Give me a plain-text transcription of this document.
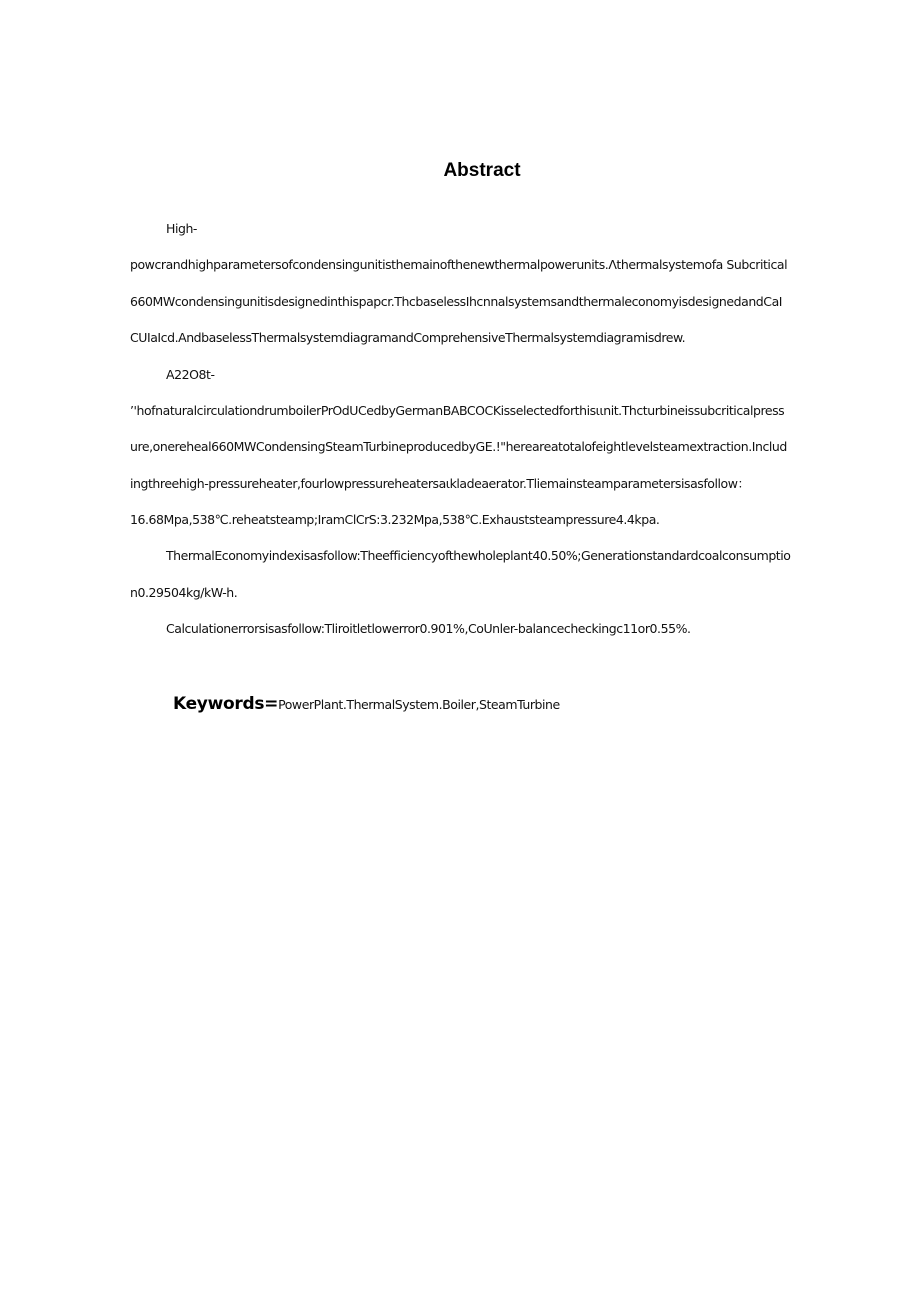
Abstract
High-
powcrandhighparametersofcondensingunitisthemainofthenewthermalpowerunits.Λthermalsystemofa Subcritical
660MWcondensingunitisdesignedinthispapcr.ThcbaselessIhcnnalsystemsandthermaleconomyisdesignedandCaI
CUIaIcd.AndbaselessThermalsystemdiagramandComprehensiveThermalsystemdiagramisdrew.
A22O8t-
’'hofnaturalcirculationdrumboilerPrOdUCedbyGermanBABCOCKisselectedforthisιιnit.Thcturbineissubcriticalpress
ure,onereheal660MWCondensingSteamTurbineproducedbyGE.!"hereareatotalofeightlevelsteamextraction.Includ
ingthreehigh-pressureheater,fourlowpressureheatersaιkladeaerator.Tliemainsteamparametersisasfollow：
16.68Mpa,538℃.reheatsteamp;IramClCrS:3.232Mpa,538℃.Exhauststeampressure4.4kpa.
ThermalEconomyindexisasfollow:Theefficiencyofthewholeplant40.50%;Generationstandardcoalconsumptio
n0.29504kg/kW-h.
Calculationerrorsisasfollow:Tliroitletlowerror0.901%,CoUnler-balancecheckingc11or0.55%.
Keywords=PowerPlant.ThermalSystem.Boiler,SteamTurbine
